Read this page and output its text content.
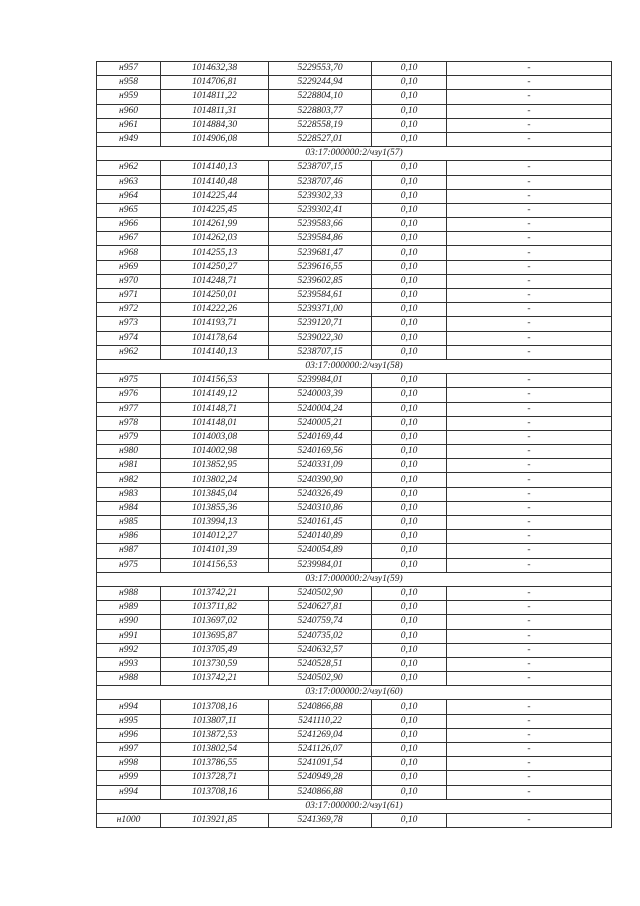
н957	1014632,38	5229553,70	0,10	-
н958	1014706,81	5229244,94	0,10	-
н959	1014811,22	5228804,10	0,10	-
н960	1014811,31	5228803,77	0,10	-
н961	1014884,30	5228558,19	0,10	-
н949	1014906,08	5228527,01	0,10	-
03:17:000000:2/чзу1(57)				
н962	1014140,13	5238707,15	0,10	-
н963	1014140,48	5238707,46	0,10	-
н964	1014225,44	5239302,33	0,10	-
н965	1014225,45	5239302,41	0,10	-
н966	1014261,99	5239583,66	0,10	-
н967	1014262,03	5239584,86	0,10	-
н968	1014255,13	5239681,47	0,10	-
н969	1014250,27	5239616,55	0,10	-
н970	1014248,71	5239602,85	0,10	-
н971	1014250,01	5239584,61	0,10	-
н972	1014222,26	5239371,00	0,10	-
н973	1014193,71	5239120,71	0,10	-
н974	1014178,64	5239022,30	0,10	-
н962	1014140,13	5238707,15	0,10	-
03:17:000000:2/чзу1(58)				
н975	1014156,53	5239984,01	0,10	-
н976	1014149,12	5240003,39	0,10	-
н977	1014148,71	5240004,24	0,10	-
н978	1014148,01	5240005,21	0,10	-
н979	1014003,08	5240169,44	0,10	-
н980	1014002,98	5240169,56	0,10	-
н981	1013852,95	5240331,09	0,10	-
н982	1013802,24	5240390,90	0,10	-
н983	1013845,04	5240326,49	0,10	-
н984	1013855,36	5240310,86	0,10	-
н985	1013994,13	5240161,45	0,10	-
н986	1014012,27	5240140,89	0,10	-
н987	1014101,39	5240054,89	0,10	-
н975	1014156,53	5239984,01	0,10	-
03:17:000000:2/чзу1(59)				
н988	1013742,21	5240502,90	0,10	-
н989	1013711,82	5240627,81	0,10	-
н990	1013697,02	5240759,74	0,10	-
н991	1013695,87	5240735,02	0,10	-
н992	1013705,49	5240632,57	0,10	-
н993	1013730,59	5240528,51	0,10	-
н988	1013742,21	5240502,90	0,10	-
03:17:000000:2/чзу1(60)				
н994	1013708,16	5240866,88	0,10	-
н995	1013807,11	5241110,22	0,10	-
н996	1013872,53	5241269,04	0,10	-
н997	1013802,54	5241126,07	0,10	-
н998	1013786,55	5241091,54	0,10	-
н999	1013728,71	5240949,28	0,10	-
н994	1013708,16	5240866,88	0,10	-
03:17:000000:2/чзу1(61)				
н1000	1013921,85	5241369,78	0,10	-
